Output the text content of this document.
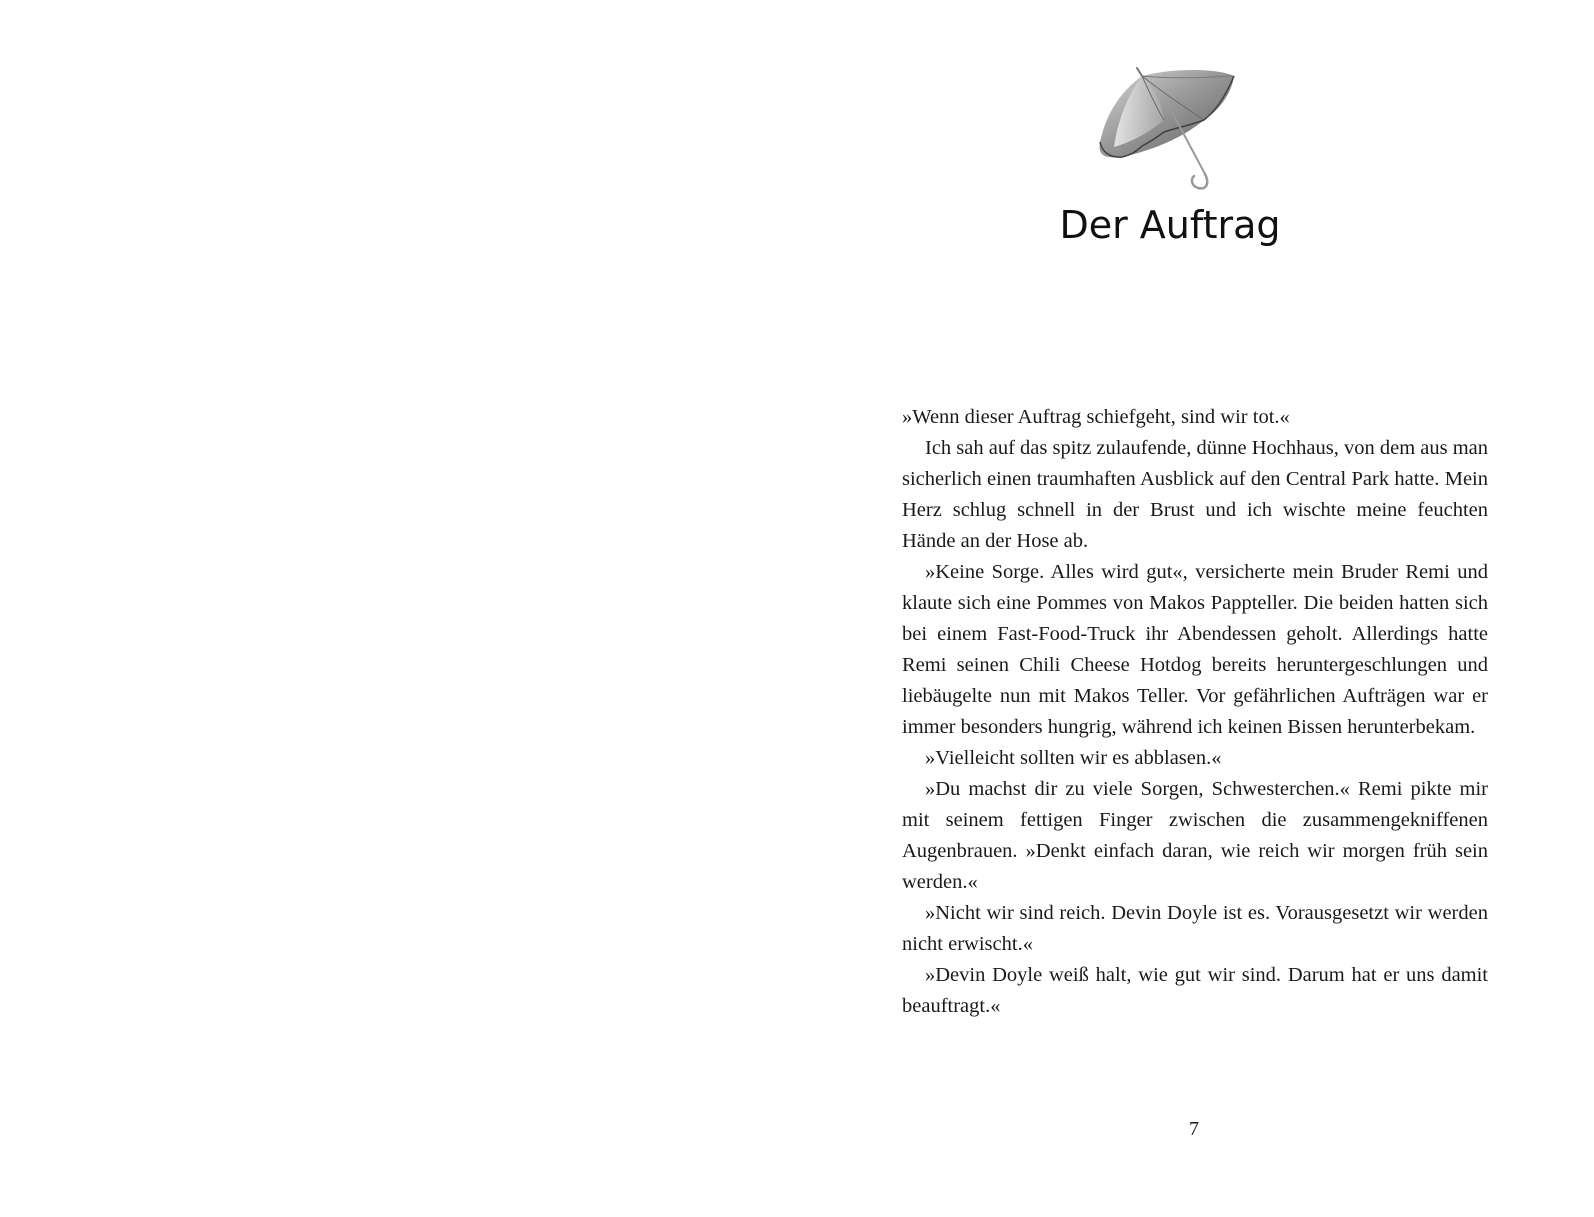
Der Auftrag

»Wenn dieser Auftrag schiefgeht, sind wir tot.«

Ich sah auf das spitz zulaufende, dünne Hochhaus, von dem aus man sicherlich einen traumhaften Ausblick auf den Central Park hatte. Mein Herz schlug schnell in der Brust und ich wischte meine feuchten Hände an der Hose ab.

»Keine Sorge. Alles wird gut«, versicherte mein Bruder Remi und klaute sich eine Pommes von Makos Pappteller. Die beiden hatten sich bei einem Fast-Food-Truck ihr Abendessen geholt. Allerdings hatte Remi seinen Chili Cheese Hotdog bereits heruntergeschlungen und liebäugelte nun mit Makos Teller. Vor gefährlichen Aufträgen war er immer besonders hungrig, während ich keinen Bissen herunterbekam.

»Vielleicht sollten wir es abblasen.«

»Du machst dir zu viele Sorgen, Schwesterchen.« Remi pikte mir mit seinem fettigen Finger zwischen die zusammengekniffenen Augenbrauen. »Denkt einfach daran, wie reich wir morgen früh sein werden.«

»Nicht wir sind reich. Devin Doyle ist es. Vorausgesetzt wir werden nicht erwischt.«

»Devin Doyle weiß halt, wie gut wir sind. Darum hat er uns damit beauftragt.«

7
